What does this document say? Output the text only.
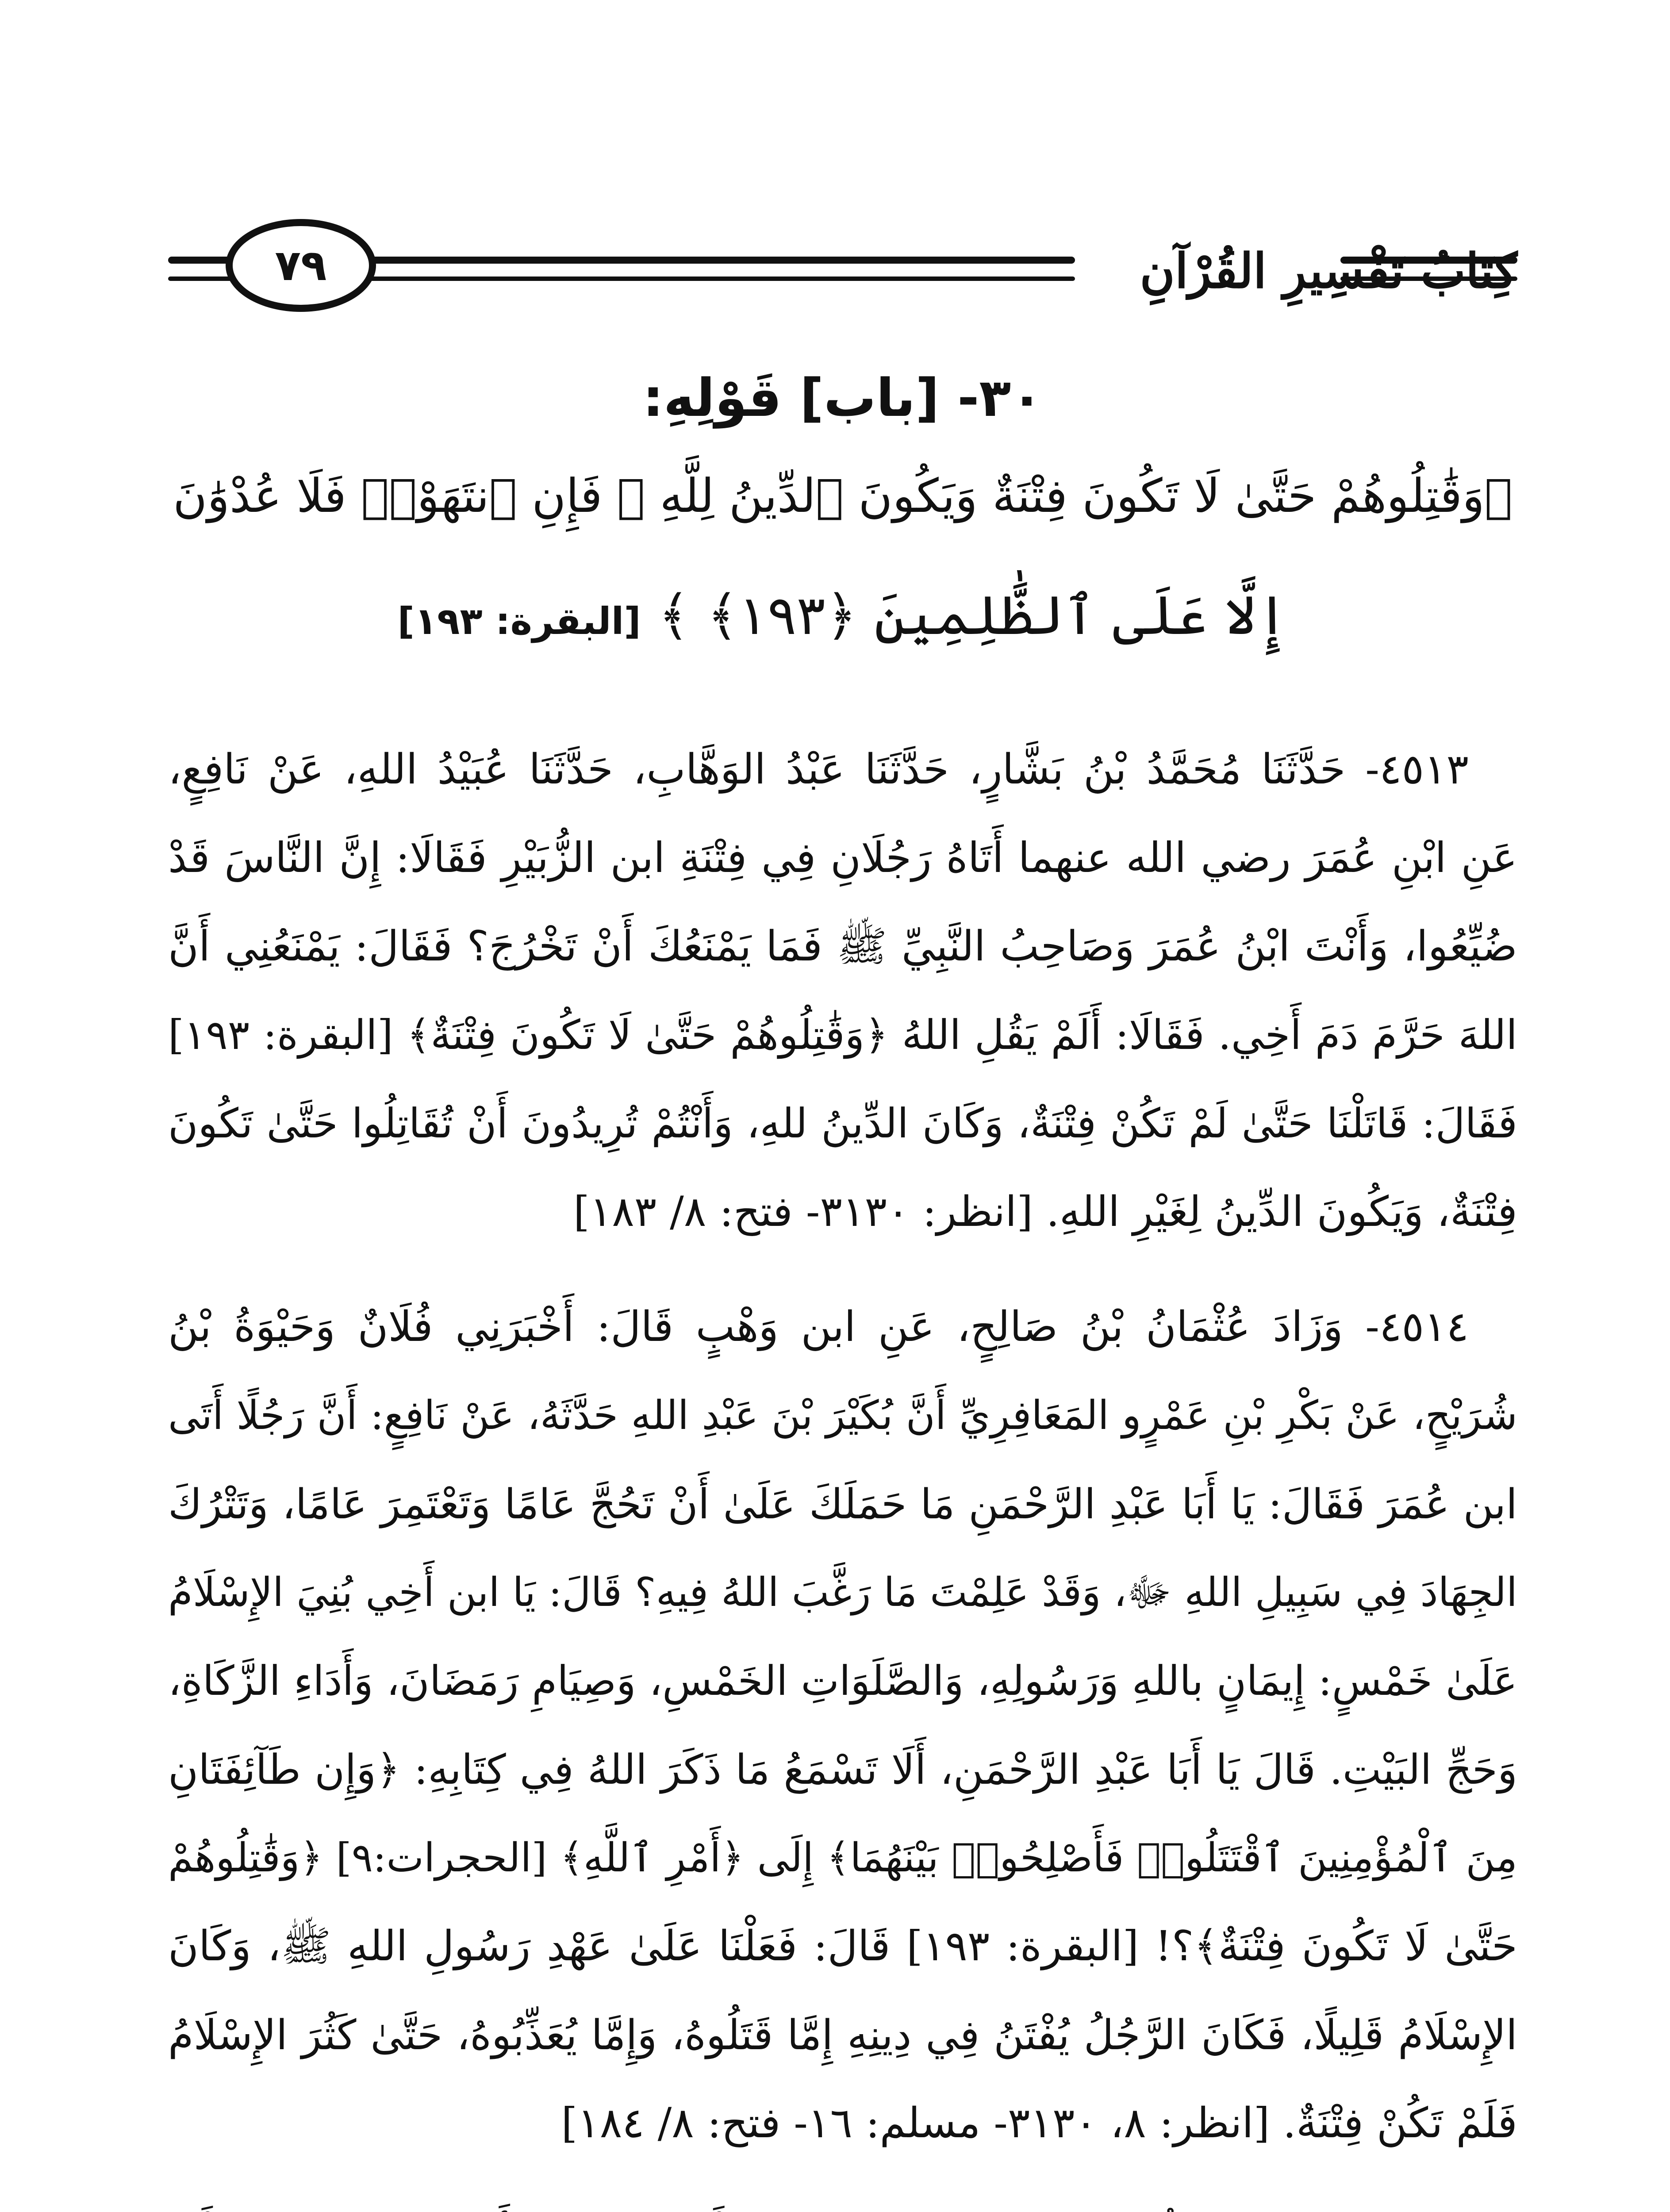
٧٩	كِتَابُ تَفْسِيرِ القُرْآنِ
٣٠- [باب] قَوْلِهِ:
﴿وَقَٰتِلُوهُمْ حَتَّىٰ لَا تَكُونَ فِتْنَةٌ وَيَكُونَ ٱلدِّينُ لِلَّهِ ۖ فَإِنِ ٱنتَهَوْا۟ فَلَا عُدْوَٰنَ
إِلَّا عَلَى ٱلظَّٰلِمِينَ ﴿١٩٣﴾ ﴾ [البقرة: ١٩٣]
٤٥١٣- حَدَّثَنَا مُحَمَّدُ بْنُ بَشَّارٍ، حَدَّثَنَا عَبْدُ الوَهَّابِ، حَدَّثَنَا عُبَيْدُ اللهِ، عَنْ نَافِعٍ،
عَنِ ابْنِ عُمَرَ رضي الله عنهما أَتَاهُ رَجُلَانِ فِي فِتْنَةِ ابن الزُّبَيْرِ فَقَالَا: إِنَّ النَّاسَ قَدْ
ضُيِّعُوا، وَأَنْتَ ابْنُ عُمَرَ وَصَاحِبُ النَّبِيِّ ﷺ فَمَا يَمْنَعُكَ أَنْ تَخْرُجَ؟ فَقَالَ: يَمْنَعُنِي أَنَّ
اللهَ حَرَّمَ دَمَ أَخِي. فَقَالَا: أَلَمْ يَقُلِ اللهُ ﴿وَقَٰتِلُوهُمْ حَتَّىٰ لَا تَكُونَ فِتْنَةٌ﴾ [البقرة: ١٩٣]
فَقَالَ: قَاتَلْنَا حَتَّىٰ لَمْ تَكُنْ فِتْنَةٌ، وَكَانَ الدِّينُ للهِ، وَأَنْتُمْ تُرِيدُونَ أَنْ تُقَاتِلُوا حَتَّىٰ تَكُونَ
فِتْنَةٌ، وَيَكُونَ الدِّينُ لِغَيْرِ اللهِ. [انظر: ٣١٣٠- فتح: ٨/ ١٨٣]
٤٥١٤- وَزَادَ عُثْمَانُ بْنُ صَالِحٍ، عَنِ ابن وَهْبٍ قَالَ: أَخْبَرَنِي فُلَانٌ وَحَيْوَةُ بْنُ
شُرَيْحٍ، عَنْ بَكْرِ بْنِ عَمْرٍو المَعَافِرِيِّ أَنَّ بُكَيْرَ بْنَ عَبْدِ اللهِ حَدَّثَهُ، عَنْ نَافِعٍ: أَنَّ رَجُلًا أَتَى
ابن عُمَرَ فَقَالَ: يَا أَبَا عَبْدِ الرَّحْمَنِ مَا حَمَلَكَ عَلَىٰ أَنْ تَحُجَّ عَامًا وَتَعْتَمِرَ عَامًا، وَتَتْرُكَ
الجِهَادَ فِي سَبِيلِ اللهِ ﷻ، وَقَدْ عَلِمْتَ مَا رَغَّبَ اللهُ فِيهِ؟ قَالَ: يَا ابن أَخِي بُنِيَ الإِسْلَامُ
عَلَىٰ خَمْسٍ: إِيمَانٍ باللهِ وَرَسُولِهِ، وَالصَّلَوَاتِ الخَمْسِ، وَصِيَامِ رَمَضَانَ، وَأَدَاءِ الزَّكَاةِ،
وَحَجِّ البَيْتِ. قَالَ يَا أَبَا عَبْدِ الرَّحْمَنِ، أَلَا تَسْمَعُ مَا ذَكَرَ اللهُ فِي كِتَابِهِ: ﴿وَإِن طَآئِفَتَانِ
مِنَ ٱلْمُؤْمِنِينَ ٱقْتَتَلُوا۟ فَأَصْلِحُوا۟ بَيْنَهُمَا﴾ إِلَى ﴿أَمْرِ ٱللَّهِ﴾ [الحجرات:٩] ﴿وَقَٰتِلُوهُمْ
حَتَّىٰ لَا تَكُونَ فِتْنَةٌ﴾؟! [البقرة: ١٩٣] قَالَ: فَعَلْنَا عَلَىٰ عَهْدِ رَسُولِ اللهِ ﷺ، وَكَانَ
الإِسْلَامُ قَلِيلًا، فَكَانَ الرَّجُلُ يُفْتَنُ فِي دِينِهِ إِمَّا قَتَلُوهُ، وَإِمَّا يُعَذِّبُوهُ، حَتَّىٰ كَثُرَ الإِسْلَامُ
فَلَمْ تَكُنْ فِتْنَةٌ. [انظر: ٨، ٣١٣٠- مسلم: ١٦- فتح: ٨/ ١٨٤]
